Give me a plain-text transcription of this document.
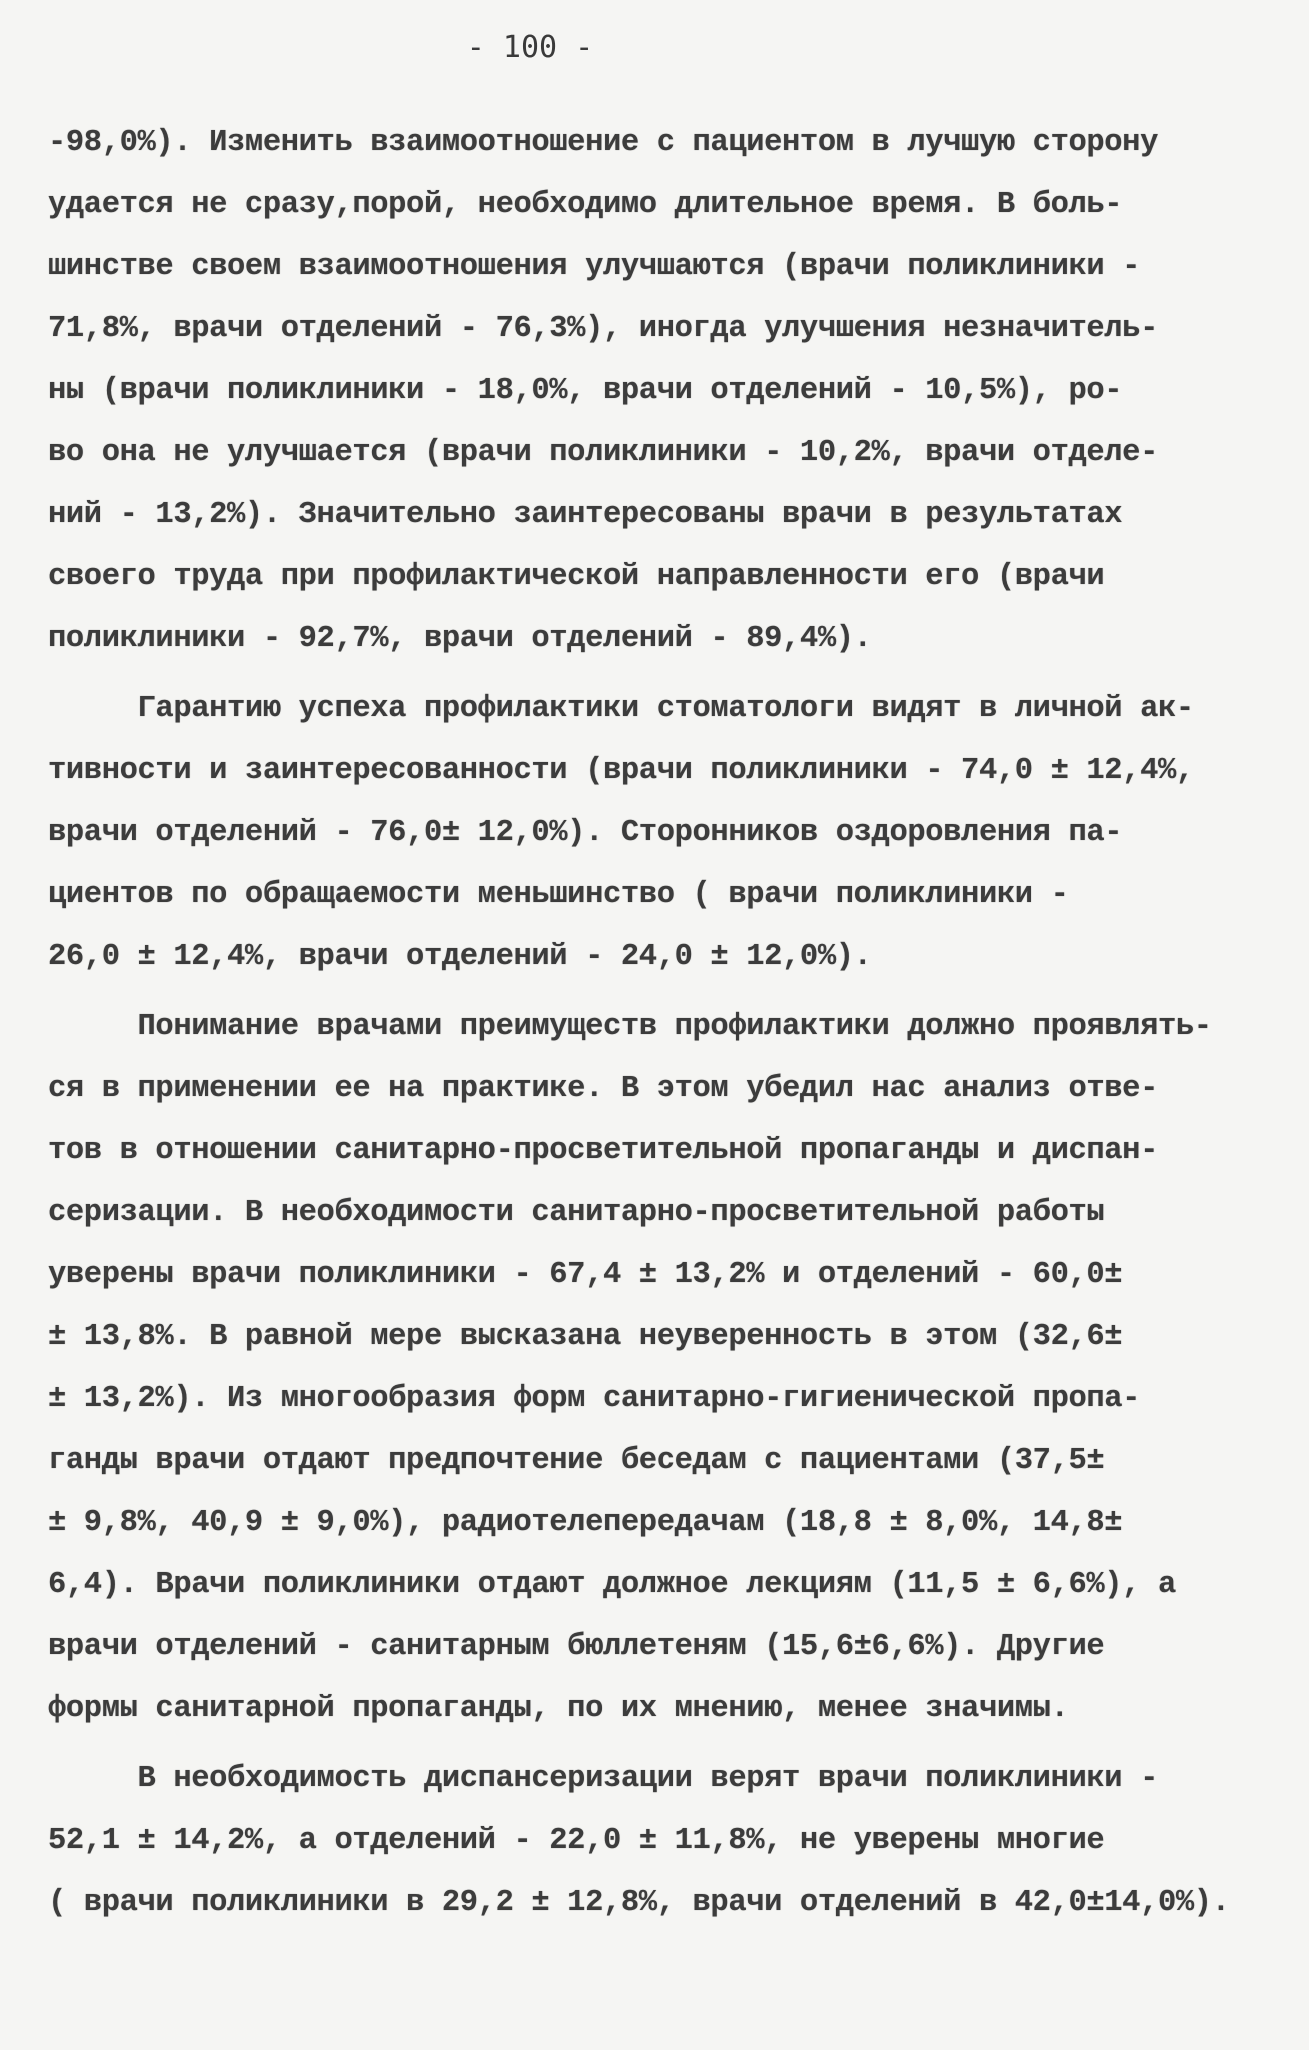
- 100 -
-98,0%). Изменить взаимоотношение с пациентом в лучшую сторону
удается не сразу,порой, необходимо длительное время. В боль-
шинстве своем взаимоотношения улучшаются (врачи поликлиники -
71,8%, врачи отделений - 76,3%), иногда улучшения незначитель-
ны (врачи поликлиники - 18,0%, врачи отделений - 10,5%), ро-
во она не улучшается (врачи поликлиники - 10,2%, врачи отделе-
ний - 13,2%). Значительно заинтересованы врачи в результатах
своего труда при профилактической направленности его (врачи
поликлиники - 92,7%, врачи отделений - 89,4%).
Гарантию успеха профилактики стоматологи видят в личной ак-
тивности и заинтересованности (врачи поликлиники - 74,0 ± 12,4%,
врачи отделений - 76,0± 12,0%). Сторонников оздоровления па-
циентов по обращаемости меньшинство ( врачи поликлиники -
26,0 ± 12,4%, врачи отделений - 24,0 ± 12,0%).
Понимание врачами преимуществ профилактики должно проявлять-
ся в применении ее на практике. В этом убедил нас анализ отве-
тов в отношении санитарно-просветительной пропаганды и диспан-
серизации. В необходимости санитарно-просветительной работы
уверены врачи поликлиники - 67,4 ± 13,2% и отделений - 60,0±
± 13,8%. В равной мере высказана неуверенность в этом (32,6±
± 13,2%). Из многообразия форм санитарно-гигиенической пропа-
ганды врачи отдают предпочтение беседам с пациентами (37,5±
± 9,8%, 40,9 ± 9,0%), радиотелепередачам (18,8 ± 8,0%, 14,8±
6,4). Врачи поликлиники отдают должное лекциям (11,5 ± 6,6%), а
врачи отделений - санитарным бюллетеням (15,6±6,6%). Другие
формы санитарной пропаганды, по их мнению, менее значимы.
В необходимость диспансеризации верят врачи поликлиники -
52,1 ± 14,2%, а отделений - 22,0 ± 11,8%, не уверены многие
( врачи поликлиники в 29,2 ± 12,8%, врачи отделений в 42,0±14,0%).
